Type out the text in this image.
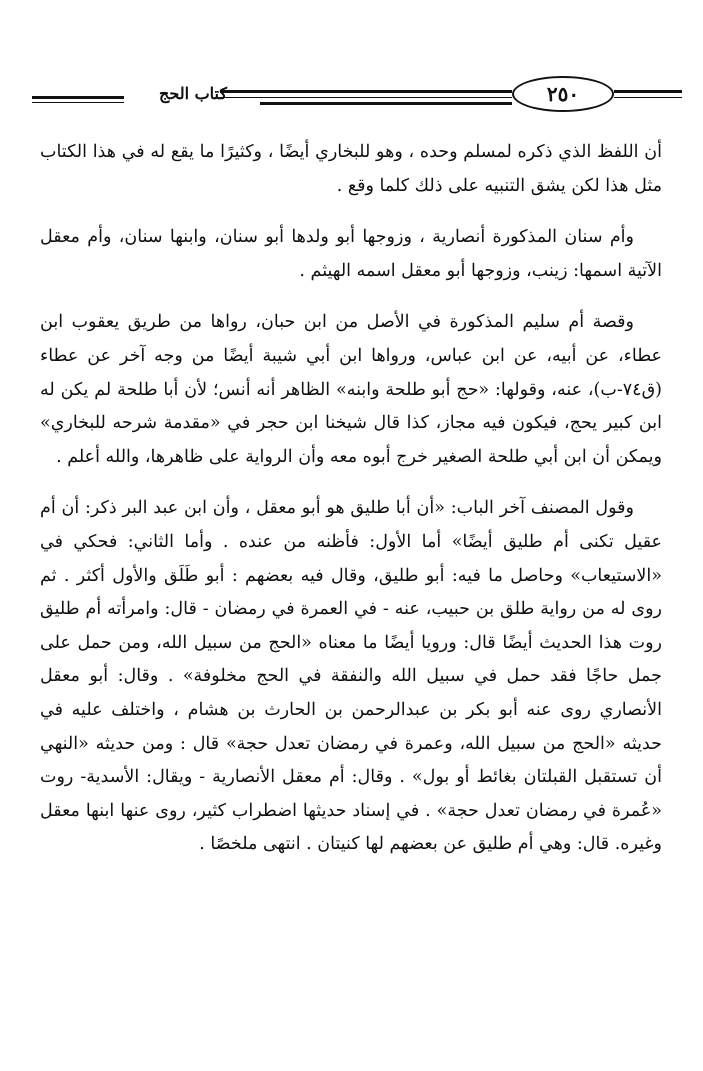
كتاب الحج	٢٥٠

أن اللفظ الذي ذكره لمسلم وحده ، وهو للبخاري أيضًا ، وكثيرًا ما يقع له في هذا الكتاب مثل هذا لكن يشق التنبيه على ذلك كلما وقع .

وأم سنان المذكورة أنصارية ، وزوجها أبو ولدها أبو سنان، وابنها سنان، وأم معقل الآتية اسمها: زينب، وزوجها أبو معقل اسمه الهيثم .

وقصة أم سليم المذكورة في الأصل من ابن حبان، رواها من طريق يعقوب ابن عطاء، عن أبيه، عن ابن عباس، ورواها ابن أبي شيبة أيضًا من وجه آخر عن عطاء (ق٧٤-ب)، عنه، وقولها: «حج أبو طلحة وابنه» الظاهر أنه أنس؛ لأن أبا طلحة لم يكن له ابن كبير يحج، فيكون فيه مجاز، كذا قال شيخنا ابن حجر في «مقدمة شرحه للبخاري» ويمكن أن ابن أبي طلحة الصغير خرج أبوه معه وأن الرواية على ظاهرها، والله أعلم .

وقول المصنف آخر الباب: «أن أبا طليق هو أبو معقل ، وأن ابن عبد البر ذكر: أن أم عقيل تكنى أم طليق أيضًا» أما الأول: فأظنه من عنده . وأما الثاني: فحكي في «الاستيعاب» وحاصل ما فيه: أبو طليق، وقال فيه بعضهم : أبو طَلَق والأول أكثر . ثم روى له من رواية طلق بن حبيب، عنه - في العمرة في رمضان - قال: وامرأته أم طليق روت هذا الحديث أيضًا قال: ورويا أيضًا ما معناه «الحج من سبيل الله، ومن حمل على جمل حاجًا فقد حمل في سبيل الله والنفقة في الحج مخلوفة» . وقال: أبو معقل الأنصاري روى عنه أبو بكر بن عبدالرحمن بن الحارث بن هشام ، واختلف عليه في حديثه «الحج من سبيل الله، وعمرة في رمضان تعدل حجة» قال : ومن حديثه «النهي أن تستقبل القبلتان بغائط أو بول» . وقال: أم معقل الأنصارية - ويقال: الأسدية- روت «عُمرة في رمضان تعدل حجة» . في إسناد حديثها اضطراب كثير، روى عنها ابنها معقل وغيره. قال: وهي أم طليق عن بعضهم لها كنيتان . انتهى ملخصًا .
